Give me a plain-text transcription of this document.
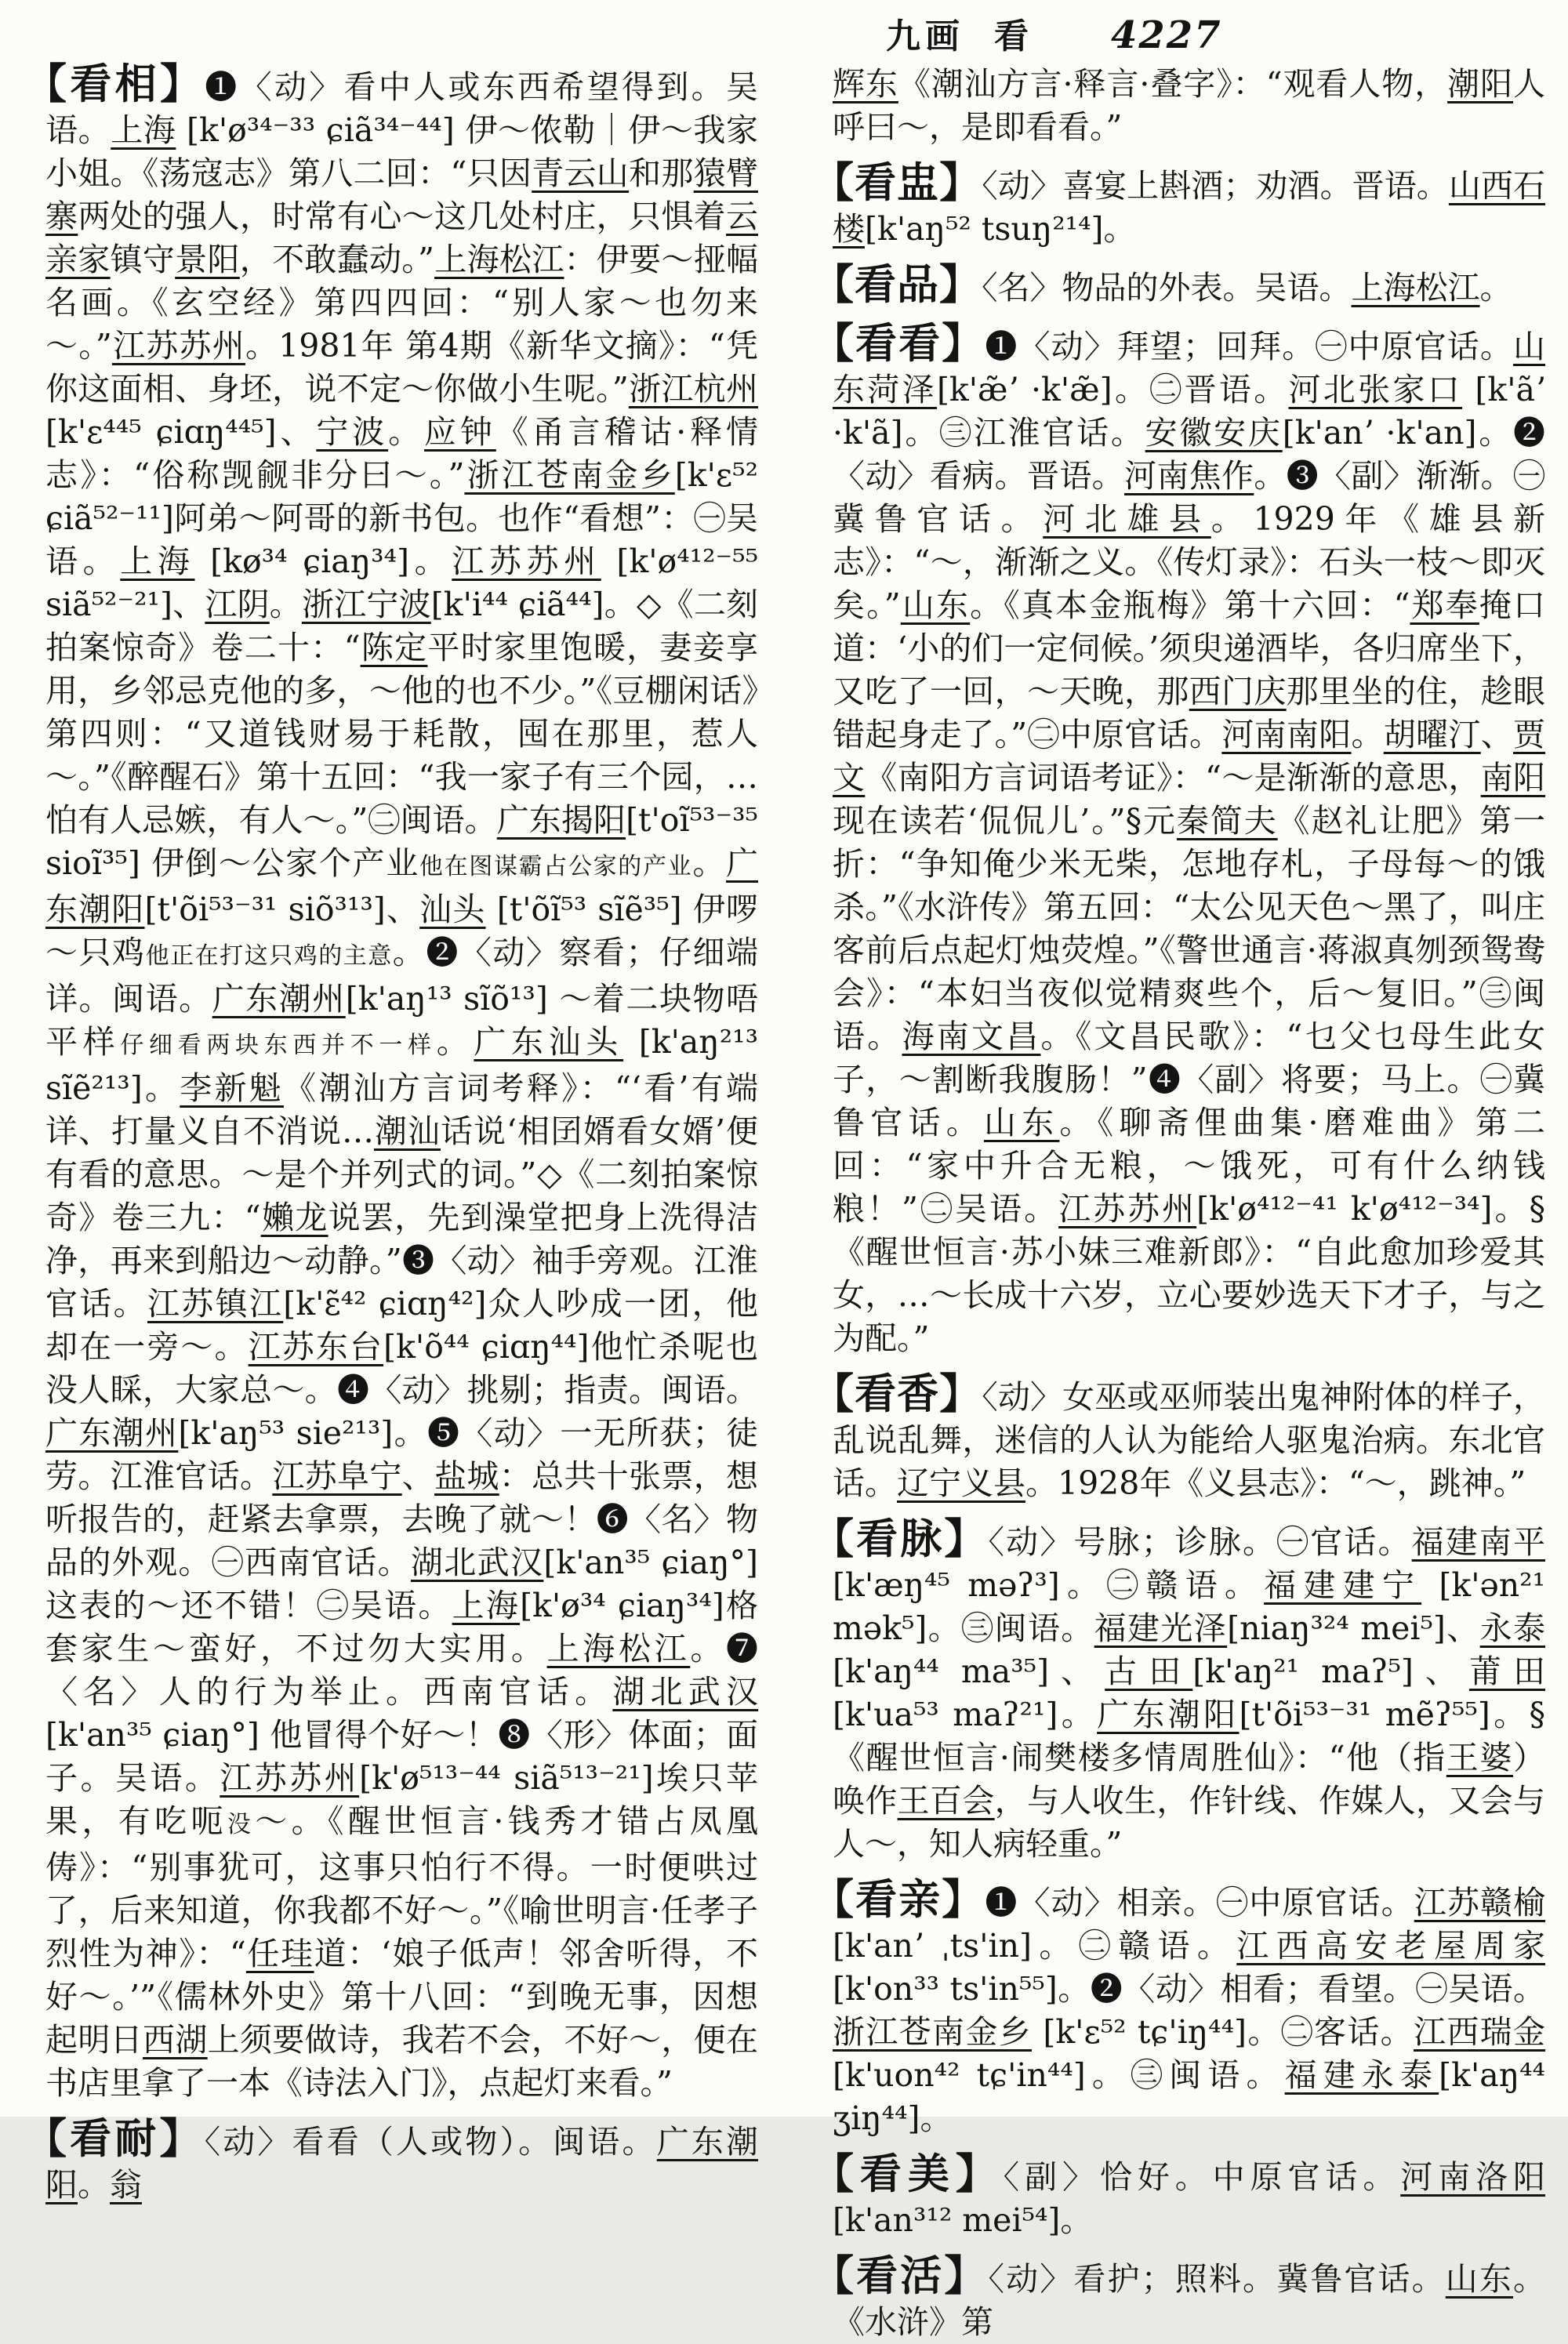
九画 看 4227
【看相】❶〈动〉看中人或东西希望得到。吴语。上海 [k'ø³⁴⁻³³ ɕiã³⁴⁻⁴⁴] 伊～侬勒｜伊～我家小姐。《荡寇志》第八二回：“只因青云山和那猿臂寨两处的强人，时常有心～这几处村庄，只惧着云亲家镇守景阳，不敢蠢动。”上海松江：伊要～挜幅名画。《玄空经》第四四回：“别人家～也勿来～。”江苏苏州。1981年 第4期《新华文摘》：“凭你这面相、身坯，说不定～你做小生呢。”浙江杭州 [k'ɛ⁴⁴⁵ ɕiɑŋ⁴⁴⁵]、宁波。应钟《甬言稽诂·释情志》：“俗称觊觎非分曰～。”浙江苍南金乡[k'ɛ⁵² ɕiã⁵²⁻¹¹]阿弟～阿哥的新书包。也作“看想”：㊀吴语。上海 [kø³⁴ ɕiaŋ³⁴]。江苏苏州 [k'ø⁴¹²⁻⁵⁵ siã⁵²⁻²¹]、江阴。浙江宁波[k'i⁴⁴ ɕiã⁴⁴]。◇《二刻拍案惊奇》卷二十：“陈定平时家里饱暖，妻妾享用，乡邻忌克他的多，～他的也不少。”《豆棚闲话》第四则：“又道钱财易于耗散，囤在那里，惹人～。”《醉醒石》第十五回：“我一家子有三个园，…怕有人忌嫉，有人～。”㊁闽语。广东揭阳[t'oĩ⁵³⁻³⁵ sioĩ³⁵] 伊倒～公家个产业他在图谋霸占公家的产业。广东潮阳[t'õi⁵³⁻³¹ siõ³¹³]、汕头 [t'õĩ⁵³ sĩẽ³⁵] 伊啰～只鸡他正在打这只鸡的主意。❷〈动〉察看；仔细端详。闽语。广东潮州[k'aŋ¹³ sĩõ¹³] ～着二块物唔平样仔细看两块东西并不一样。广东汕头 [k'aŋ²¹³ sĩẽ²¹³]。李新魁《潮汕方言词考释》：“‘看’有端详、打量义自不消说…潮汕话说‘相囝婿看女婿’便有看的意思。～是个并列式的词。”◇《二刻拍案惊奇》卷三九：“嬾龙说罢，先到澡堂把身上洗得洁净，再来到船边～动静。”❸〈动〉袖手旁观。江淮官话。江苏镇江[k'ɛ̃⁴² ɕiɑŋ⁴²]众人吵成一团，他却在一旁～。江苏东台[k'õ⁴⁴ ɕiɑŋ⁴⁴]他忙杀呢也没人睬，大家总～。❹〈动〉挑剔；指责。闽语。广东潮州[k'aŋ⁵³ sie²¹³]。❺〈动〉一无所获；徒劳。江淮官话。江苏阜宁、盐城：总共十张票，想听报告的，赶紧去拿票，去晚了就～！❻〈名〉物品的外观。㊀西南官话。湖北武汉[k'an³⁵ ɕiaŋ°]这表的～还不错！㊁吴语。上海[k'ø³⁴ ɕiaŋ³⁴]格套家生～蛮好，不过勿大实用。上海松江。❼〈名〉人的行为举止。西南官话。湖北武汉 [k'an³⁵ ɕiaŋ°] 他冒得个好～！❽〈形〉体面；面子。吴语。江苏苏州[k'ø⁵¹³⁻⁴⁴ siã⁵¹³⁻²¹]埃只苹果，有吃呃没～。《醒世恒言·钱秀才错占凤凰俦》：“别事犹可，这事只怕行不得。一时便哄过了，后来知道，你我都不好～。”《喻世明言·任孝子烈性为神》：“任珪道：‘娘子低声！邻舍听得，不好～。’”《儒林外史》第十八回：“到晚无事，因想起明日西湖上须要做诗，我若不会，不好～，便在书店里拿了一本《诗法入门》，点起灯来看。”
【看耐】〈动〉看看（人或物）。闽语。广东潮阳。翁
辉东《潮汕方言·释言·叠字》：“观看人物，潮阳人呼曰～，是即看看。”
【看盅】〈动〉喜宴上斟酒；劝酒。晋语。山西石楼[k'aŋ⁵² tsuŋ²¹⁴]。
【看品】〈名〉物品的外表。吴语。上海松江。
【看看】❶〈动〉拜望；回拜。㊀中原官话。山东菏泽[k'æ̃ʼ ·k'æ̃]。㊁晋语。河北张家口 [k'ãʼ ·k'ã]。㊂江淮官话。安徽安庆[k'anʼ ·k'an]。❷〈动〉看病。晋语。河南焦作。❸〈副〉渐渐。㊀冀鲁官话。河北雄县。1929年《雄县新志》：“～，渐渐之义。《传灯录》：石头一枝～即灭矣。”山东。《真本金瓶梅》第十六回：“郑奉掩口道：‘小的们一定伺候。’须臾递酒毕，各归席坐下，又吃了一回，～天晚，那西门庆那里坐的住，趁眼错起身走了。”㊁中原官话。河南南阳。胡曜汀、贾文《南阳方言词语考证》：“～是渐渐的意思，南阳现在读若‘侃侃儿’。”§元秦简夫《赵礼让肥》第一折：“争知俺少米无柴，怎地存札，子母每～的饿杀。”《水浒传》第五回：“太公见天色～黑了，叫庄客前后点起灯烛荧煌。”《警世通言·蒋淑真刎颈鸳鸯会》：“本妇当夜似觉精爽些个，后～复旧。”㊂闽语。海南文昌。《文昌民歌》：“乜父乜母生此女子，～割断我腹肠！”❹〈副〉将要；马上。㊀冀鲁官话。山东。《聊斋俚曲集·磨难曲》第二回：“家中升合无粮，～饿死，可有什么纳钱粮！”㊁吴语。江苏苏州[k'ø⁴¹²⁻⁴¹ k'ø⁴¹²⁻³⁴]。§《醒世恒言·苏小妹三难新郎》：“自此愈加珍爱其女，…～长成十六岁，立心要妙选天下才子，与之为配。”
【看香】〈动〉女巫或巫师装出鬼神附体的样子，乱说乱舞，迷信的人认为能给人驱鬼治病。东北官话。辽宁义县。1928年《义县志》：“～，跳神。”
【看脉】〈动〉号脉；诊脉。㊀官话。福建南平 [k'æŋ⁴⁵ məʔ³]。㊁赣语。福建建宁 [k'ən²¹ mək⁵]。㊂闽语。福建光泽[niaŋ³²⁴ mei⁵]、永泰[k'aŋ⁴⁴ ma³⁵]、古田[k'aŋ²¹ maʔ⁵]、莆田[k'ua⁵³ maʔ²¹]。广东潮阳[t'õi⁵³⁻³¹ mẽʔ⁵⁵]。§《醒世恒言·闹樊楼多情周胜仙》：“他（指王婆）唤作王百会，与人收生，作针线、作媒人，又会与人～，知人病轻重。”
【看亲】❶〈动〉相亲。㊀中原官话。江苏赣榆 [k'anʼ ˌts'in]。㊁赣语。江西高安老屋周家[k'on³³ ts'in⁵⁵]。❷〈动〉相看；看望。㊀吴语。浙江苍南金乡 [k'ɛ⁵² tɕ'iŋ⁴⁴]。㊁客话。江西瑞金[k'uon⁴² tɕ'in⁴⁴]。㊂闽语。福建永泰[k'aŋ⁴⁴ ʒiŋ⁴⁴]。
【看美】〈副〉恰好。中原官话。河南洛阳 [k'an³¹² mei⁵⁴]。
【看活】〈动〉看护；照料。冀鲁官话。山东。《水浒》第
